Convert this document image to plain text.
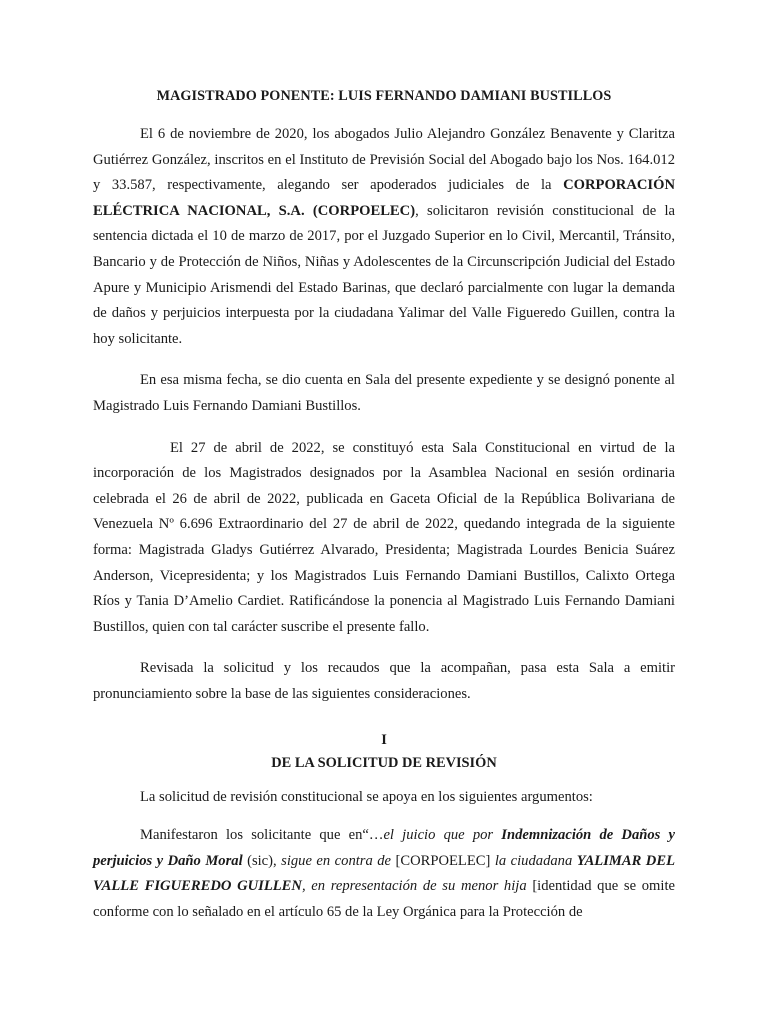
MAGISTRADO PONENTE: LUIS FERNANDO DAMIANI BUSTILLOS

El 6 de noviembre de 2020, los abogados Julio Alejandro González Benavente y Claritza Gutiérrez González, inscritos en el Instituto de Previsión Social del Abogado bajo los Nos. 164.012 y 33.587, respectivamente, alegando ser apoderados judiciales de la CORPORACIÓN ELÉCTRICA NACIONAL, S.A. (CORPOELEC), solicitaron revisión constitucional de la sentencia dictada el 10 de marzo de 2017, por el Juzgado Superior en lo Civil, Mercantil, Tránsito, Bancario y de Protección de Niños, Niñas y Adolescentes de la Circunscripción Judicial del Estado Apure y Municipio Arismendi del Estado Barinas, que declaró parcialmente con lugar la demanda de daños y perjuicios interpuesta por la ciudadana Yalimar del Valle Figueredo Guillen, contra la hoy solicitante.

En esa misma fecha, se dio cuenta en Sala del presente expediente y se designó ponente al Magistrado Luis Fernando Damiani Bustillos.

El 27 de abril de 2022, se constituyó esta Sala Constitucional en virtud de la incorporación de los Magistrados designados por la Asamblea Nacional en sesión ordinaria celebrada el 26 de abril de 2022, publicada en Gaceta Oficial de la República Bolivariana de Venezuela Nº 6.696 Extraordinario del 27 de abril de 2022, quedando integrada de la siguiente forma: Magistrada Gladys Gutiérrez Alvarado, Presidenta; Magistrada Lourdes Benicia Suárez Anderson, Vicepresidenta; y los Magistrados Luis Fernando Damiani Bustillos, Calixto Ortega Ríos y Tania D’Amelio Cardiet. Ratificándose la ponencia al Magistrado Luis Fernando Damiani Bustillos, quien con tal carácter suscribe el presente fallo.

Revisada la solicitud y los recaudos que la acompañan, pasa esta Sala a emitir pronunciamiento sobre la base de las siguientes consideraciones.

I
DE LA SOLICITUD DE REVISIÓN

La solicitud de revisión constitucional se apoya en los siguientes argumentos:

Manifestaron los solicitante que en“…el juicio que por Indemnización de Daños y perjuicios y Daño Moral (sic), sigue en contra de [CORPOELEC] la ciudadana YALIMAR DEL VALLE FIGUEREDO GUILLEN, en representación de su menor hija [identidad que se omite conforme con lo señalado en el artículo 65 de la Ley Orgánica para la Protección de
